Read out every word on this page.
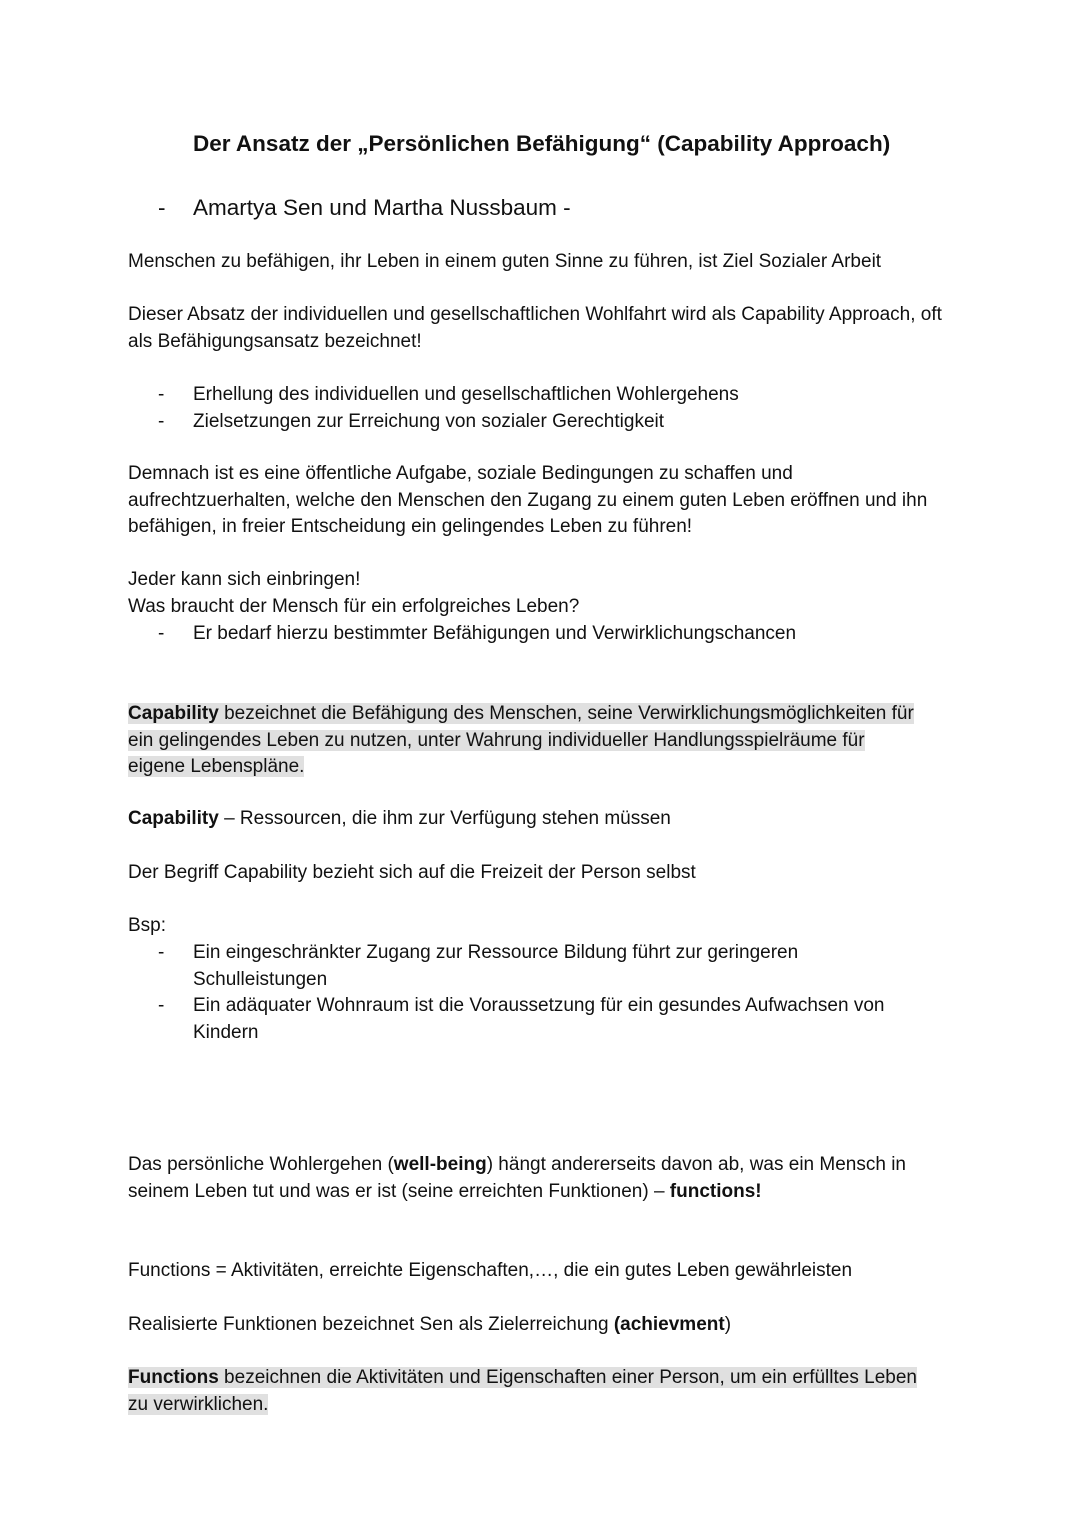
Der Ansatz der „Persönlichen Befähigung“ (Capability Approach)
- Amartya Sen und Martha Nussbaum -

Menschen zu befähigen, ihr Leben in einem guten Sinne zu führen, ist Ziel Sozialer Arbeit

Dieser Absatz der individuellen und gesellschaftlichen Wohlfahrt wird als Capability Approach, oft als Befähigungsansatz bezeichnet!

- Erhellung des individuellen und gesellschaftlichen Wohlergehens
- Zielsetzungen zur Erreichung von sozialer Gerechtigkeit

Demnach ist es eine öffentliche Aufgabe, soziale Bedingungen zu schaffen und aufrechtzuerhalten, welche den Menschen den Zugang zu einem guten Leben eröffnen und ihn befähigen, in freier Entscheidung ein gelingendes Leben zu führen!

Jeder kann sich einbringen!
Was braucht der Mensch für ein erfolgreiches Leben?

- Er bedarf hierzu bestimmter Befähigungen und Verwirklichungschancen
Capability bezeichnet die Befähigung des Menschen, seine Verwirklichungsmöglichkeiten für
ein gelingendes Leben zu nutzen, unter Wahrung individueller Handlungsspielräume für
eigene Lebenspläne.

Capability – Ressourcen, die ihm zur Verfügung stehen müssen

Der Begriff Capability bezieht sich auf die Freizeit der Person selbst

Bsp:

- Ein eingeschränkter Zugang zur Ressource Bildung führt zur geringeren Schulleistungen
- Ein adäquater Wohnraum ist die Voraussetzung für ein gesundes Aufwachsen von Kindern

Das persönliche Wohlergehen (well-being) hängt andererseits davon ab, was ein Mensch in seinem Leben tut und was er ist (seine erreichten Funktionen) – functions!

Functions = Aktivitäten, erreichte Eigenschaften,…, die ein gutes Leben gewährleisten

Realisierte Funktionen bezeichnet Sen als Zielerreichung (achievment)

Functions bezeichnen die Aktivitäten und Eigenschaften einer Person, um ein erfülltes Leben
zu verwirklichen.
